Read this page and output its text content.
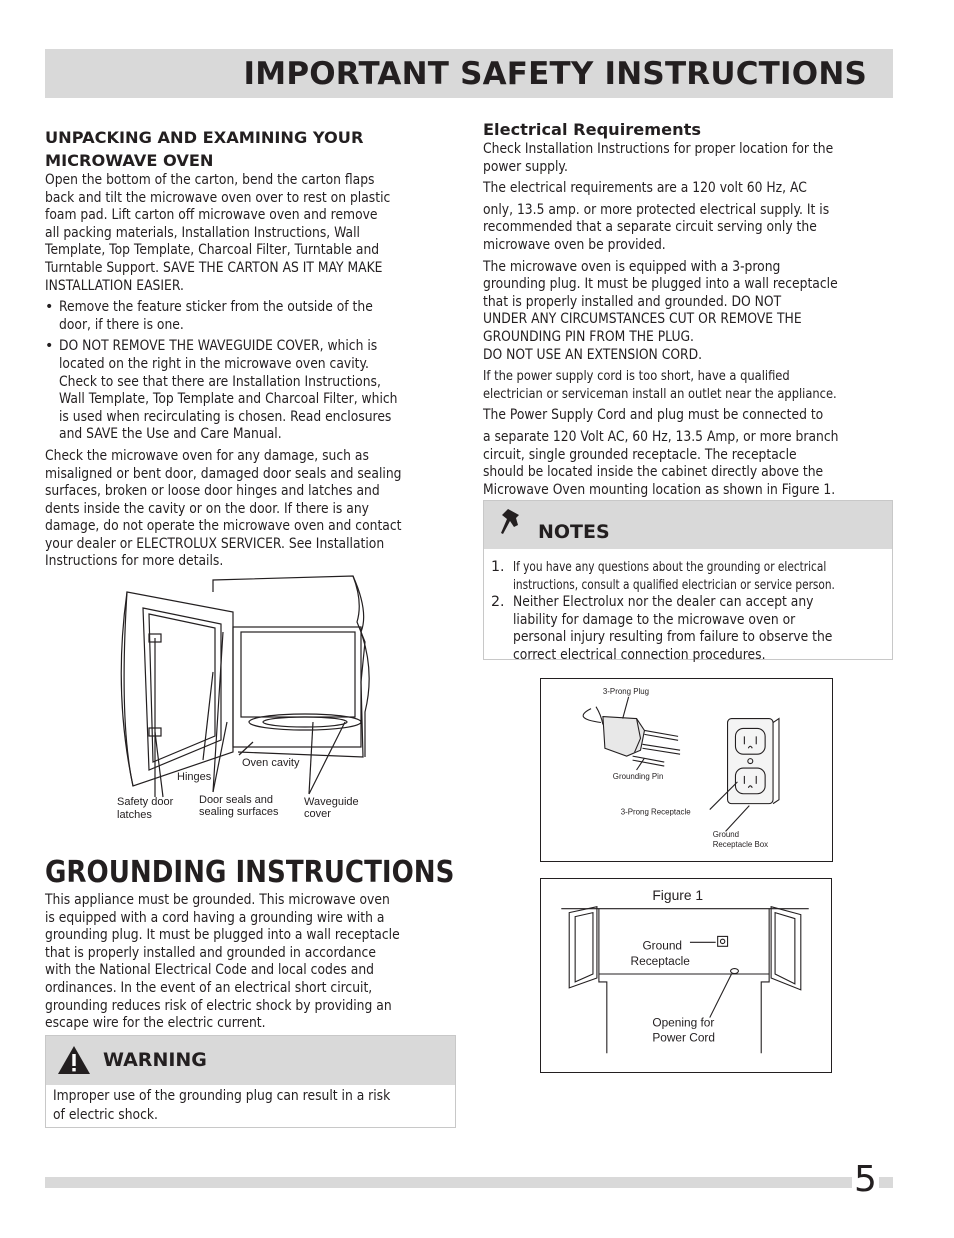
IMPORTANT SAFETY INSTRUCTIONS
UNPACKING AND EXAMINING YOUR
MICROWAVE OVEN
Open the bottom of the carton, bend the carton flaps
back and tilt the microwave oven over to rest on plastic
foam pad. Lift carton off microwave oven and remove
all packing materials, Installation Instructions, Wall
Template, Top Template, Charcoal Filter, Turntable and
Turntable Support. SAVE THE CARTON AS IT MAY MAKE
INSTALLATION EASIER.
• Remove the feature sticker from the outside of the
door, if there is one.
• DO NOT REMOVE THE WAVEGUIDE COVER, which is
located on the right in the microwave oven cavity.
Check to see that there are Installation Instructions,
Wall Template, Top Template and Charcoal Filter, which
is used when recirculating is chosen. Read enclosures
and SAVE the Use and Care Manual.
Check the microwave oven for any damage, such as
misaligned or bent door, damaged door seals and sealing
surfaces, broken or loose door hinges and latches and
dents inside the cavity or on the door. If there is any
damage, do not operate the microwave oven and contact
your dealer or ELECTROLUX SERVICER. See Installation
Instructions for more details.
Oven cavity
Hinges
Safety door
latches
Door seals and
sealing surfaces
Waveguide
cover
GROUNDING INSTRUCTIONS
This appliance must be grounded. This microwave oven
is equipped with a cord having a grounding wire with a
grounding plug. It must be plugged into a wall receptacle
that is properly installed and grounded in accordance
with the National Electrical Code and local codes and
ordinances. In the event of an electrical short circuit,
grounding reduces risk of electric shock by providing an
escape wire for the electric current.
WARNING
Improper use of the grounding plug can result in a risk
of electric shock.
Electrical Requirements
Check Installation Instructions for proper location for the
power supply.
The electrical requirements are a 120 volt 60 Hz, AC
only, 13.5 amp. or more protected electrical supply. It is
recommended that a separate circuit serving only the
microwave oven be provided.
The microwave oven is equipped with a 3-prong
grounding plug. It must be plugged into a wall receptacle
that is properly installed and grounded. DO NOT
UNDER ANY CIRCUMSTANCES CUT OR REMOVE THE
GROUNDING PIN FROM THE PLUG.
DO NOT USE AN EXTENSION CORD.
If the power supply cord is too short, have a qualified
electrician or serviceman install an outlet near the appliance.
The Power Supply Cord and plug must be connected to
a separate 120 Volt AC, 60 Hz, 13.5 Amp, or more branch
circuit, single grounded receptacle. The receptacle
should be located inside the cabinet directly above the
Microwave Oven mounting location as shown in Figure 1.
NOTES
1. If you have any questions about the grounding or electrical
instructions, consult a qualified electrician or service person.
2. Neither Electrolux nor the dealer can accept any
liability for damage to the microwave oven or
personal injury resulting from failure to observe the
correct electrical connection procedures.
3-Prong Plug
Grounding Pin
3-Prong Receptacle
Ground
Receptacle Box
Figure 1
Ground
Receptacle
Opening for
Power Cord
5
